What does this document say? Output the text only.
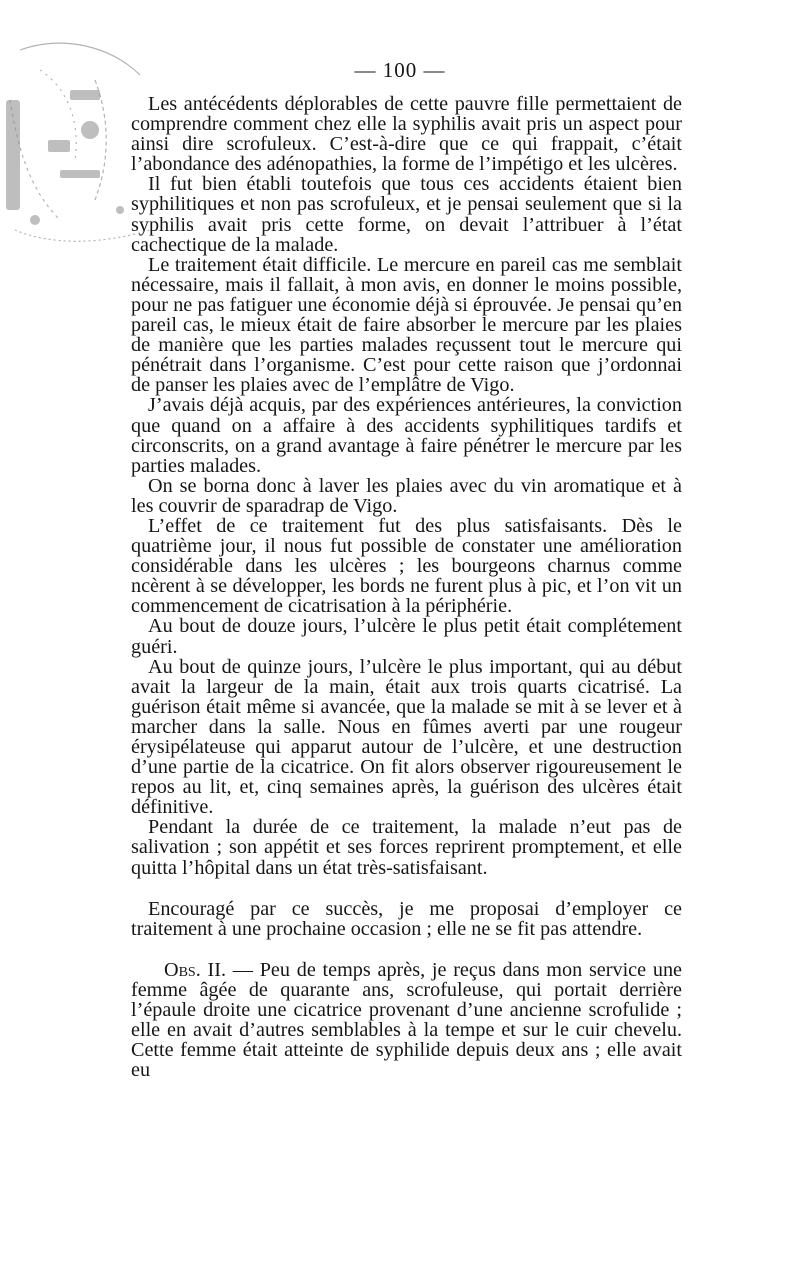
— 100 —

Les antécédents déplorables de cette pauvre fille permettaient de comprendre comment chez elle la syphilis avait pris un aspect pour ainsi dire scrofuleux. C’est-à-dire que ce qui frappait, c’était l’abondance des adénopathies, la forme de l’impétigo et les ulcères.

Il fut bien établi toutefois que tous ces accidents étaient bien syphilitiques et non pas scrofuleux, et je pensai seulement que si la syphilis avait pris cette forme, on devait l’attribuer à l’état cachectique de la malade.

Le traitement était difficile. Le mercure en pareil cas me semblait nécessaire, mais il fallait, à mon avis, en donner le moins possible, pour ne pas fatiguer une économie déjà si éprouvée. Je pensai qu’en pareil cas, le mieux était de faire absorber le mercure par les plaies de manière que les parties malades reçussent tout le mercure qui pénétrait dans l’organisme. C’est pour cette raison que j’ordonnai de panser les plaies avec de l’emplâtre de Vigo.

J’avais déjà acquis, par des expériences antérieures, la conviction que quand on a affaire à des accidents syphilitiques tardifs et circonscrits, on a grand avantage à faire pénétrer le mercure par les parties malades.

On se borna donc à laver les plaies avec du vin aromatique et à les couvrir de sparadrap de Vigo.

L’effet de ce traitement fut des plus satisfaisants. Dès le quatrième jour, il nous fut possible de constater une amélioration considérable dans les ulcères ; les bourgeons charnus comme ncèrent à se développer, les bords ne furent plus à pic, et l’on vit un commencement de cicatrisation à la périphérie.

Au bout de douze jours, l’ulcère le plus petit était complétement guéri.

Au bout de quinze jours, l’ulcère le plus important, qui au début avait la largeur de la main, était aux trois quarts cicatrisé. La guérison était même si avancée, que la malade se mit à se lever et à marcher dans la salle. Nous en fûmes averti par une rougeur érysipélateuse qui apparut autour de l’ulcère, et une destruction d’une partie de la cicatrice. On fit alors observer rigoureusement le repos au lit, et, cinq semaines après, la guérison des ulcères était définitive.

Pendant la durée de ce traitement, la malade n’eut pas de salivation ; son appétit et ses forces reprirent promptement, et elle quitta l’hôpital dans un état très-satisfaisant.

Encouragé par ce succès, je me proposai d’employer ce traitement à une prochaine occasion ; elle ne se fit pas attendre.

Obs. II. — Peu de temps après, je reçus dans mon service une femme âgée de quarante ans, scrofuleuse, qui portait derrière l’épaule droite une cicatrice provenant d’une ancienne scrofulide ; elle en avait d’autres semblables à la tempe et sur le cuir chevelu. Cette femme était atteinte de syphilide depuis deux ans ; elle avait eu
